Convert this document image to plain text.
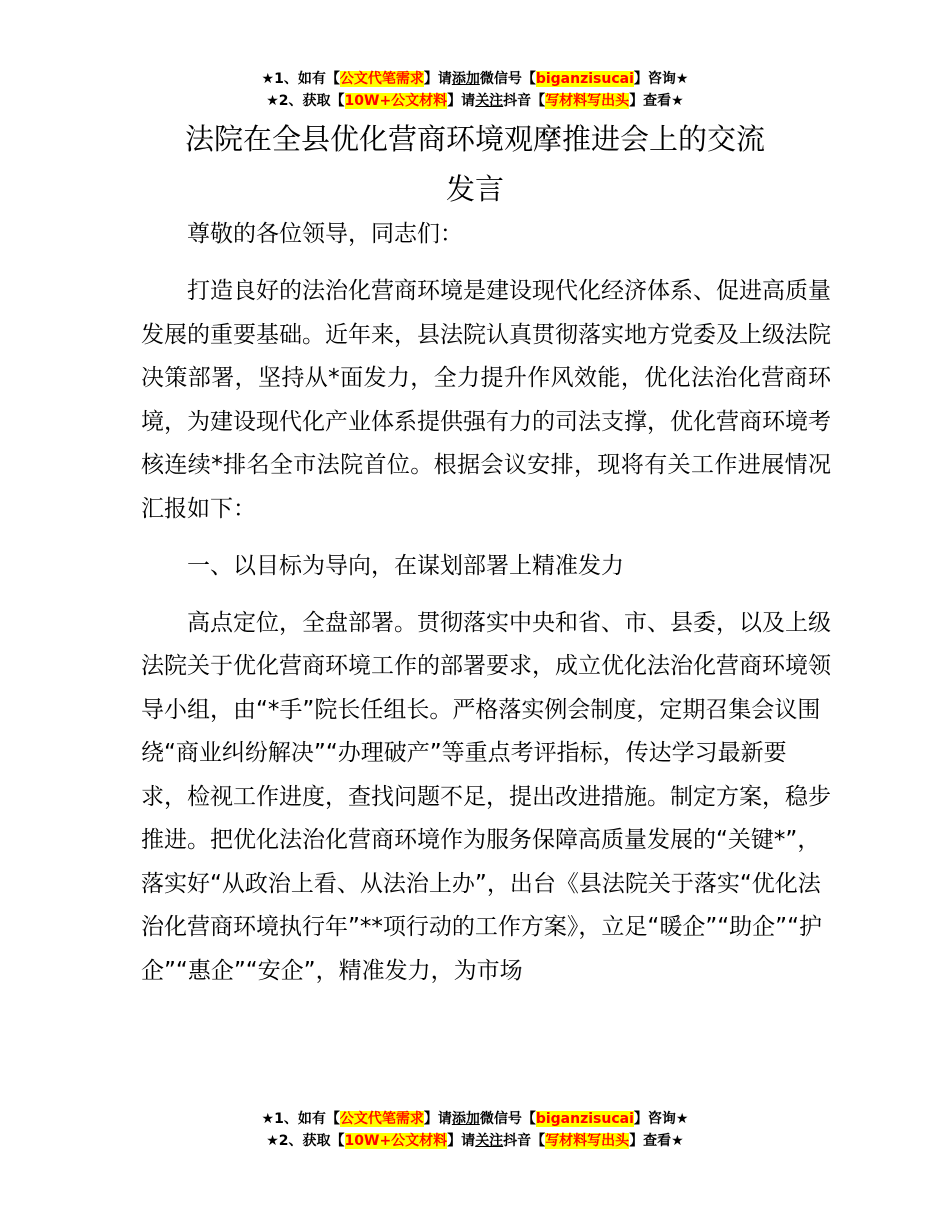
★1、如有【公文代笔需求】请添加微信号【biganzisucai】咨询★
★2、获取【10W+公文材料】请关注抖音【写材料写出头】查看★
法院在全县优化营商环境观摩推进会上的交流
发言

尊敬的各位领导，同志们：

打造良好的法治化营商环境是建设现代化经济体系、促进高质量发展的重要基础。近年来，县法院认真贯彻落实地方党委及上级法院决策部署，坚持从*面发力，全力提升作风效能，优化法治化营商环境，为建设现代化产业体系提供强有力的司法支撑，优化营商环境考核连续*排名全市法院首位。根据会议安排，现将有关工作进展情况汇报如下：

一、以目标为导向，在谋划部署上精准发力

高点定位，全盘部署。贯彻落实中央和省、市、县委，以及上级法院关于优化营商环境工作的部署要求，成立优化法治化营商环境领导小组，由“*手”院长任组长。严格落实例会制度，定期召集会议围绕“商业纠纷解决”“办理破产”等重点考评指标，传达学习最新要求，检视工作进度，查找问题不足，提出改进措施。制定方案，稳步推进。把优化法治化营商环境作为服务保障高质量发展的“关键*”，落实好“从政治上看、从法治上办”，出台《县法院关于落实“优化法治化营商环境执行年”**项行动的工作方案》，立足“暖企”“助企”“护企”“惠企”“安企”，精准发力，为市场

★1、如有【公文代笔需求】请添加微信号【biganzisucai】咨询★
★2、获取【10W+公文材料】请关注抖音【写材料写出头】查看★
